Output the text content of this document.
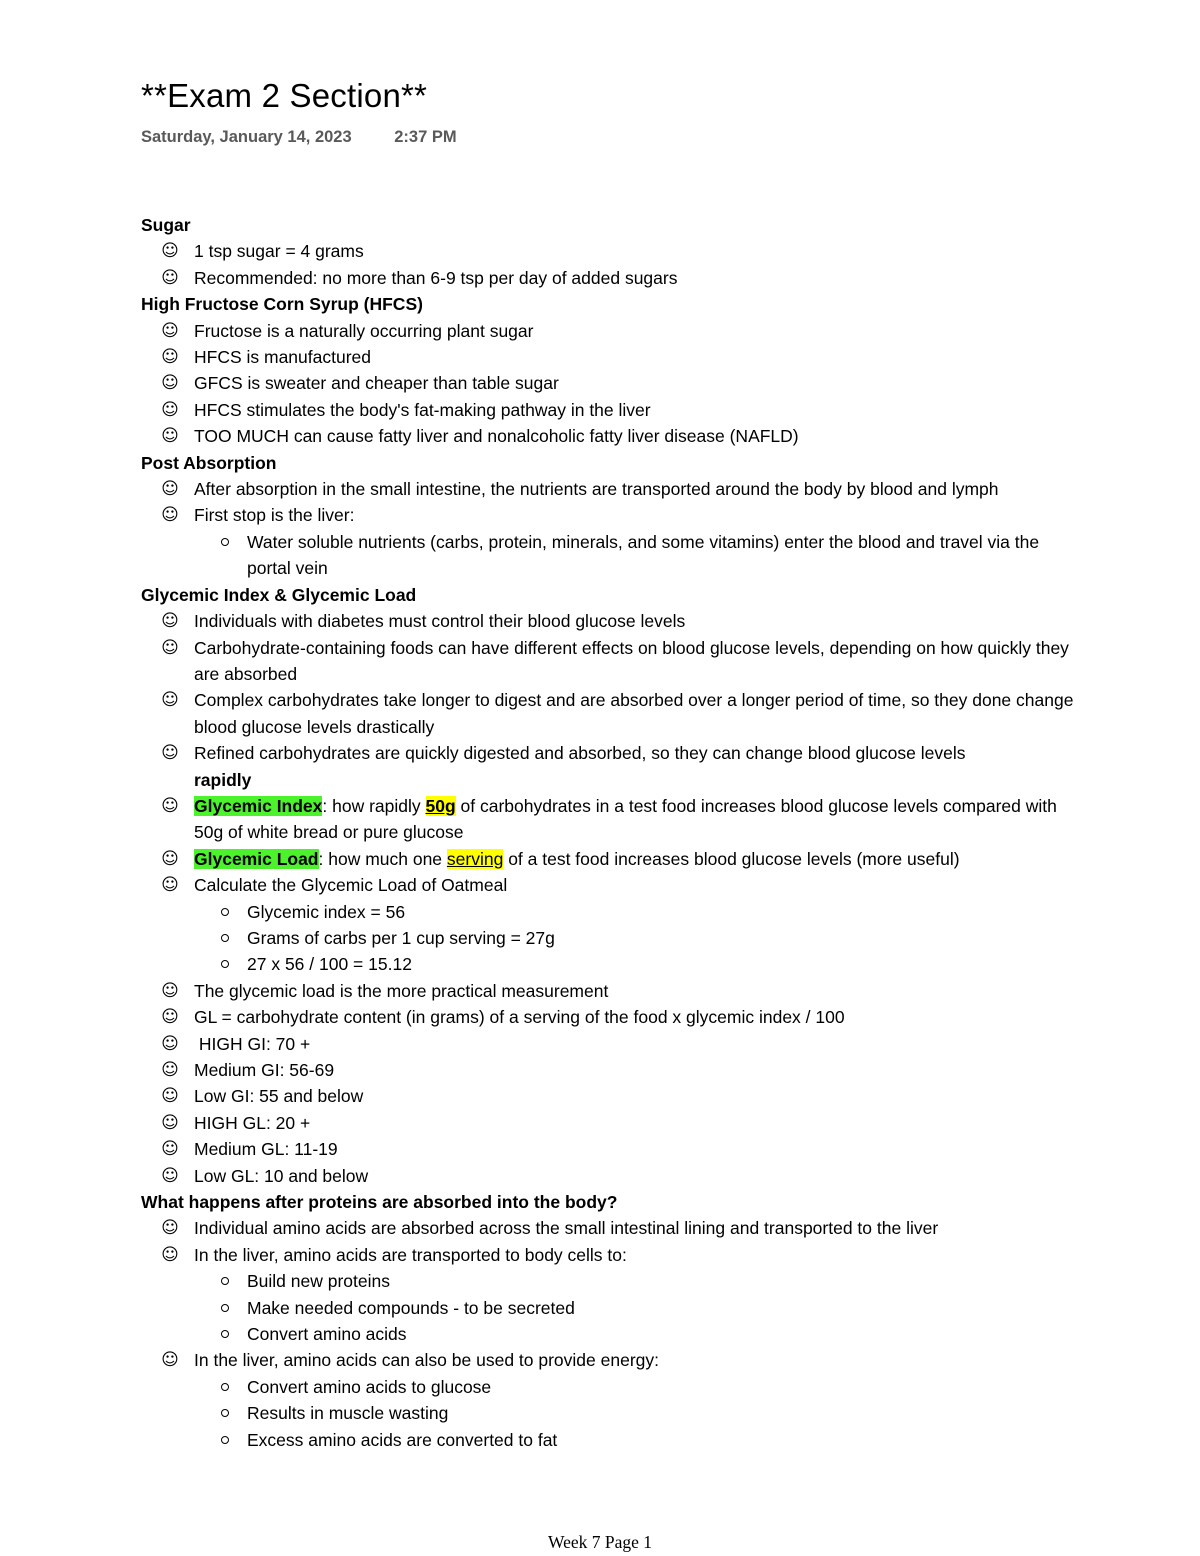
**Exam 2 Section**
Saturday, January 14, 2023	2:37 PM
Sugar
☺ 1 tsp sugar = 4 grams
☺ Recommended: no more than 6-9 tsp per day of added sugars
High Fructose Corn Syrup (HFCS)
☺ Fructose is a naturally occurring plant sugar
☺ HFCS is manufactured
☺ GFCS is sweater and cheaper than table sugar
☺ HFCS stimulates the body's fat-making pathway in the liver
☺ TOO MUCH can cause fatty liver and nonalcoholic fatty liver disease (NAFLD)
Post Absorption
☺ After absorption in the small intestine, the nutrients are transported around the body by blood and lymph
☺ First stop is the liver:
Water soluble nutrients (carbs, protein, minerals, and some vitamins) enter the blood and travel via the portal vein
Glycemic Index & Glycemic Load
☺ Individuals with diabetes must control their blood glucose levels
☺ Carbohydrate-containing foods can have different effects on blood glucose levels, depending on how quickly they are absorbed
☺ Complex carbohydrates take longer to digest and are absorbed over a longer period of time, so they done change blood glucose levels drastically
☺ Refined carbohydrates are quickly digested and absorbed, so they can change blood glucose levels
rapidly
☺ Glycemic Index: how rapidly 50g of carbohydrates in a test food increases blood glucose levels compared with 50g of white bread or pure glucose
☺ Glycemic Load: how much one serving of a test food increases blood glucose levels (more useful)
☺ Calculate the Glycemic Load of Oatmeal
Glycemic index = 56
Grams of carbs per 1 cup serving = 27g
27 x 56 / 100 = 15.12
☺ The glycemic load is the more practical measurement
☺ GL = carbohydrate content (in grams) of a serving of the food x glycemic index / 100
☺ HIGH GI: 70 +
☺ Medium GI: 56-69
☺ Low GI: 55 and below
☺ HIGH GL: 20 +
☺ Medium GL: 11-19
☺ Low GL: 10 and below
What happens after proteins are absorbed into the body?
☺ Individual amino acids are absorbed across the small intestinal lining and transported to the liver
☺ In the liver, amino acids are transported to body cells to:
Build new proteins
Make needed compounds - to be secreted
Convert amino acids
☺ In the liver, amino acids can also be used to provide energy:
Convert amino acids to glucose
Results in muscle wasting
Excess amino acids are converted to fat
Week 7 Page 1
